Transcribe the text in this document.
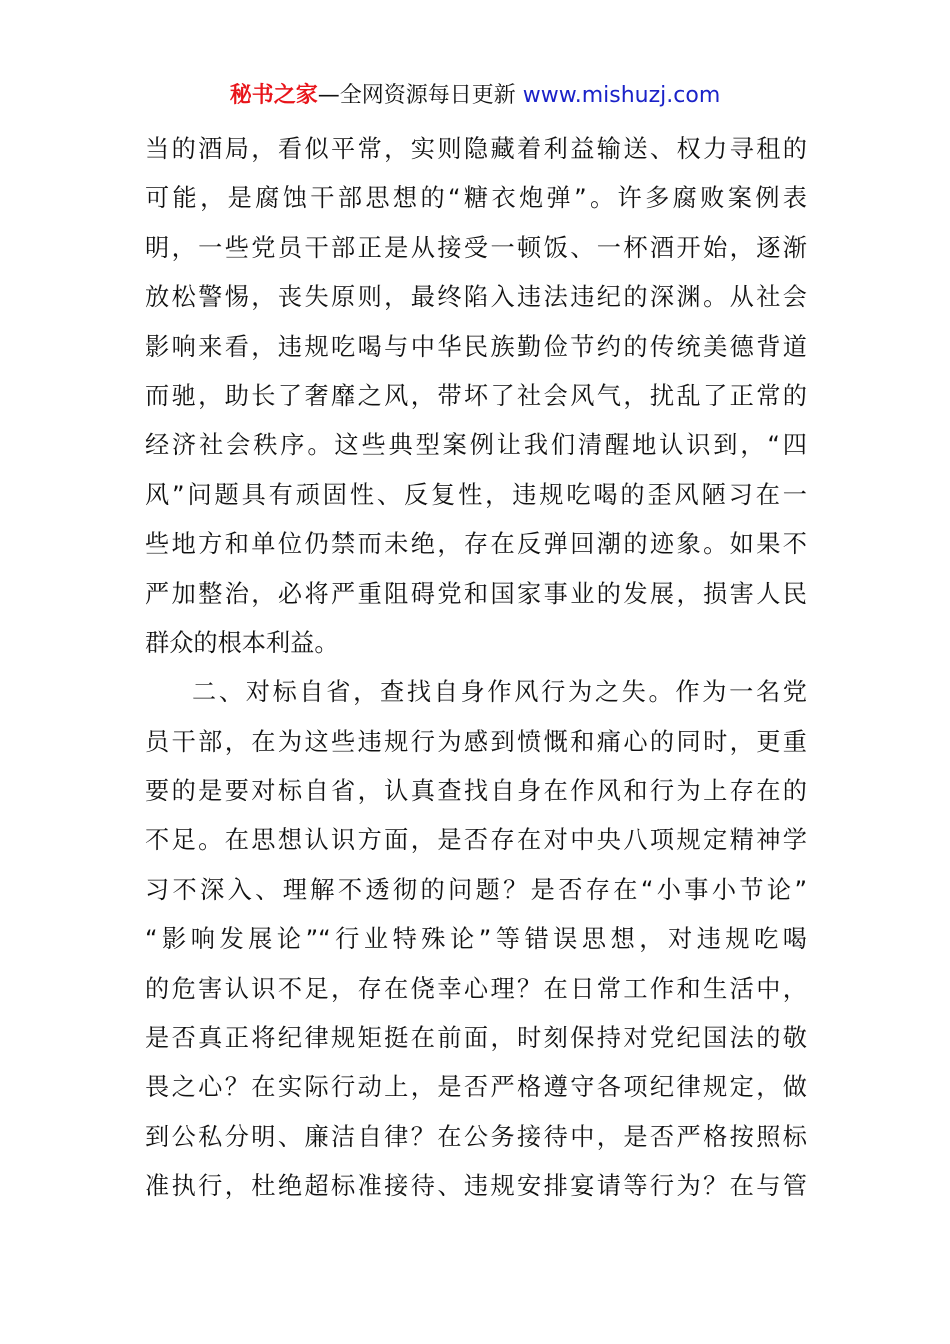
秘书之家—全网资源每日更新 www.mishuzj.com
当的酒局，看似平常，实则隐藏着利益输送、权力寻租的
可能，是腐蚀干部思想的“糖衣炮弹”。许多腐败案例表
明，一些党员干部正是从接受一顿饭、一杯酒开始，逐渐
放松警惕，丧失原则，最终陷入违法违纪的深渊。从社会
影响来看，违规吃喝与中华民族勤俭节约的传统美德背道
而驰，助长了奢靡之风，带坏了社会风气，扰乱了正常的
经济社会秩序。这些典型案例让我们清醒地认识到，“四
风”问题具有顽固性、反复性，违规吃喝的歪风陋习在一
些地方和单位仍禁而未绝，存在反弹回潮的迹象。如果不
严加整治，必将严重阻碍党和国家事业的发展，损害人民
群众的根本利益。
二、对标自省，查找自身作风行为之失。作为一名党
员干部，在为这些违规行为感到愤慨和痛心的同时，更重
要的是要对标自省，认真查找自身在作风和行为上存在的
不足。在思想认识方面，是否存在对中央八项规定精神学
习不深入、理解不透彻的问题？是否存在“小事小节论”
“影响发展论”“行业特殊论”等错误思想，对违规吃喝
的危害认识不足，存在侥幸心理？在日常工作和生活中，
是否真正将纪律规矩挺在前面，时刻保持对党纪国法的敬
畏之心？在实际行动上，是否严格遵守各项纪律规定，做
到公私分明、廉洁自律？在公务接待中，是否严格按照标
准执行，杜绝超标准接待、违规安排宴请等行为？在与管
